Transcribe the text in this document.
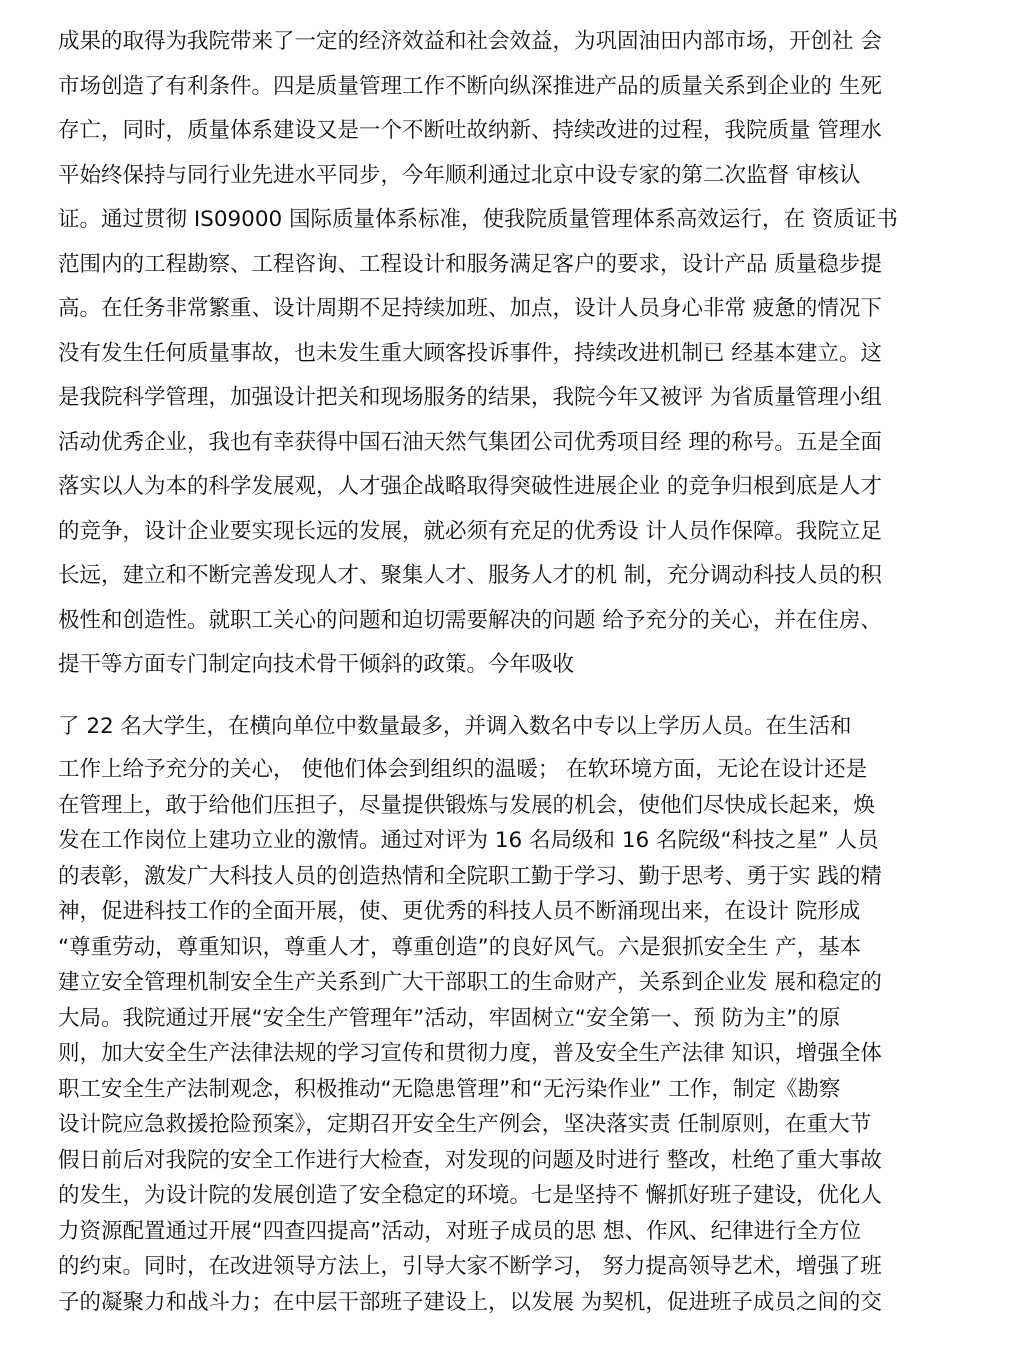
成果的取得为我院带来了一定的经济效益和社会效益，为巩固油田内部市场，开创社 会
市场创造了有利条件。四是质量管理工作不断向纵深推进产品的质量关系到企业的 生死
存亡，同时，质量体系建设又是一个不断吐故纳新、持续改进的过程，我院质量 管理水
平始终保持与同行业先进水平同步，今年顺利通过北京中设专家的第二次监督 审核认
证。通过贯彻 IS09000 国际质量体系标准，使我院质量管理体系高效运行，在 资质证书
范围内的工程勘察、工程咨询、工程设计和服务满足客户的要求，设计产品 质量稳步提
高。在任务非常繁重、设计周期不足持续加班、加点，设计人员身心非常 疲惫的情况下
没有发生任何质量事故，也未发生重大顾客投诉事件，持续改进机制已 经基本建立。这
是我院科学管理，加强设计把关和现场服务的结果，我院今年又被评 为省质量管理小组
活动优秀企业，我也有幸获得中国石油天然气集团公司优秀项目经 理的称号。五是全面
落实以人为本的科学发展观，人才强企战略取得突破性进展企业 的竞争归根到底是人才
的竞争，设计企业要实现长远的发展，就必须有充足的优秀设 计人员作保障。我院立足
长远，建立和不断完善发现人才、聚集人才、服务人才的机 制，充分调动科技人员的积
极性和创造性。就职工关心的问题和迫切需要解决的问题 给予充分的关心，并在住房、
提干等方面专门制定向技术骨干倾斜的政策。今年吸收
了 22 名大学生，在横向单位中数量最多，并调入数名中专以上学历人员。在生活和
工作上给予充分的关心， 使他们体会到组织的温暖； 在软环境方面，无论在设计还是
在管理上，敢于给他们压担子，尽量提供锻炼与发展的机会，使他们尽快成长起来，焕
发在工作岗位上建功立业的激情。通过对评为 16 名局级和 16 名院级“科技之星” 人员
的表彰，激发广大科技人员的创造热情和全院职工勤于学习、勤于思考、勇于实 践的精
神，促进科技工作的全面开展，使、更优秀的科技人员不断涌现出来，在设计 院形成
“尊重劳动，尊重知识，尊重人才，尊重创造”的良好风气。六是狠抓安全生 产，基本
建立安全管理机制安全生产关系到广大干部职工的生命财产，关系到企业发 展和稳定的
大局。我院通过开展“安全生产管理年”活动，牢固树立“安全第一、预 防为主”的原
则，加大安全生产法律法规的学习宣传和贯彻力度，普及安全生产法律 知识，增强全体
职工安全生产法制观念，积极推动“无隐患管理”和“无污染作业” 工作，制定《勘察
设计院应急救援抢险预案》，定期召开安全生产例会，坚决落实责 任制原则，在重大节
假日前后对我院的安全工作进行大检查，对发现的问题及时进行 整改，杜绝了重大事故
的发生，为设计院的发展创造了安全稳定的环境。七是坚持不 懈抓好班子建设，优化人
力资源配置通过开展“四查四提高”活动，对班子成员的思 想、作风、纪律进行全方位
的约束。同时，在改进领导方法上，引导大家不断学习， 努力提高领导艺术，增强了班
子的凝聚力和战斗力；在中层干部班子建设上，以发展 为契机，促进班子成员之间的交
